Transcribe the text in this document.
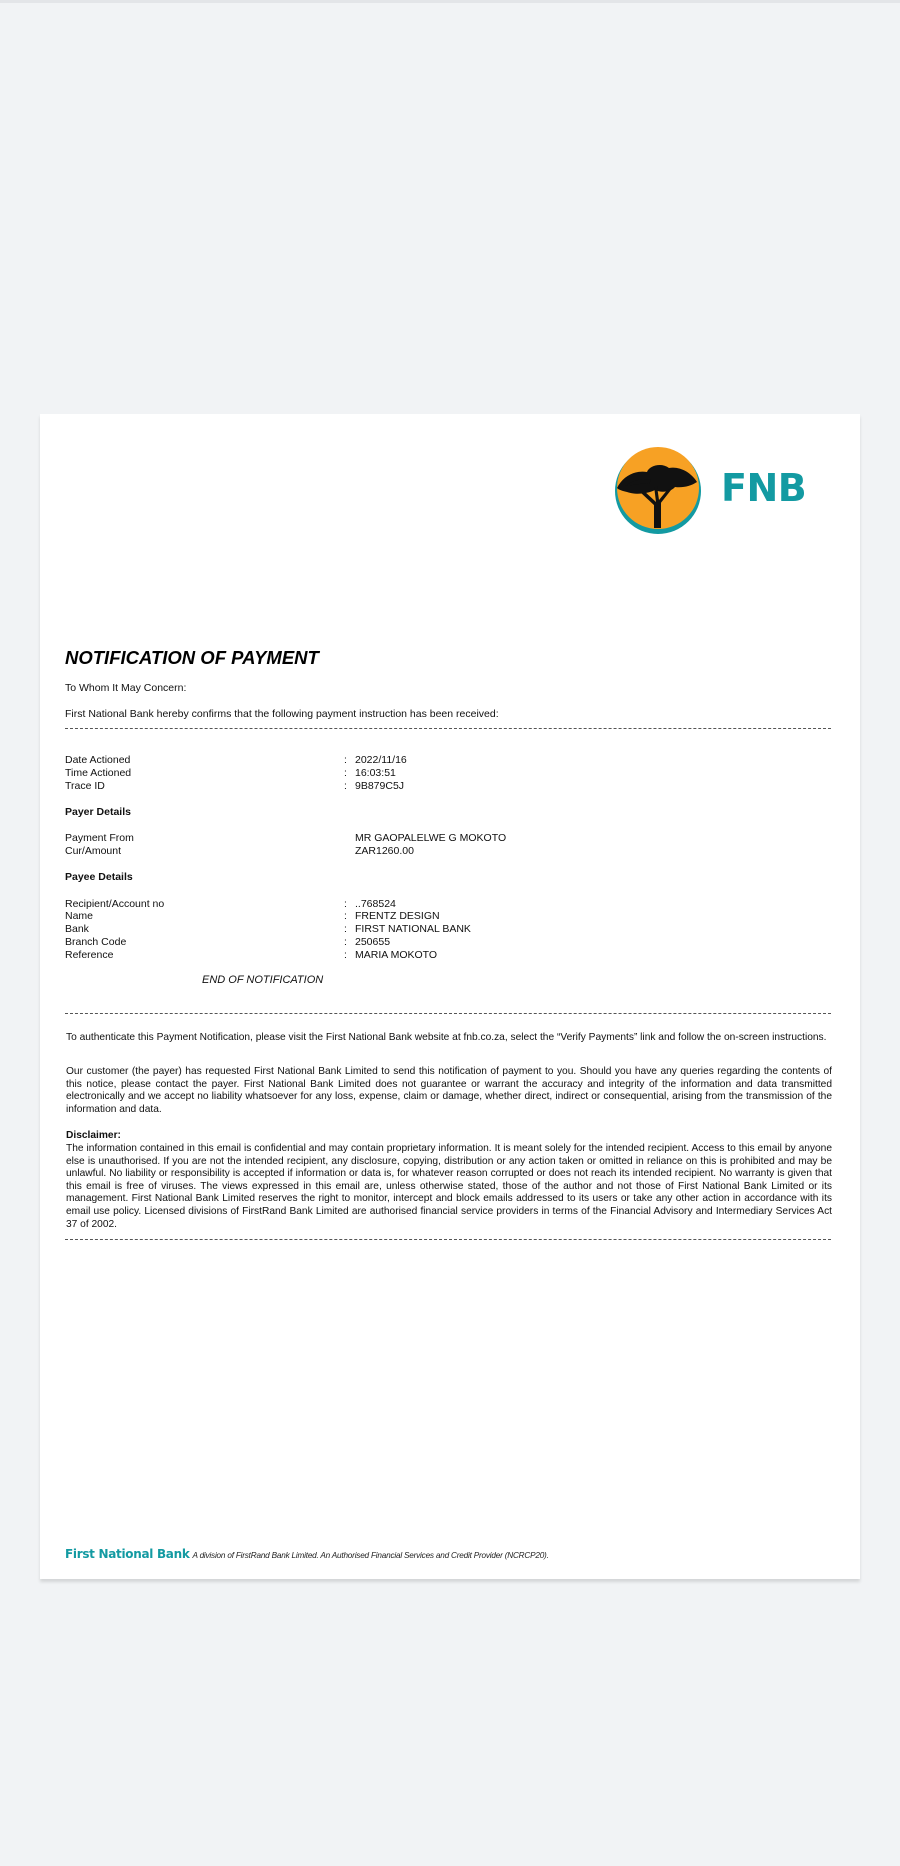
FNB
NOTIFICATION OF PAYMENT
To Whom It May Concern:
First National Bank hereby confirms that the following payment instruction has been received:
Date Actioned	: 2022/11/16
Time Actioned	: 16:03:51
Trace ID	: 9B879C5J
Payer Details
Payment From	MR GAOPALELWE G MOKOTO
Cur/Amount	ZAR1260.00
Payee Details
Recipient/Account no	: ..768524
Name	: FRENTZ DESIGN
Bank	: FIRST NATIONAL BANK
Branch Code	: 250655
Reference	: MARIA MOKOTO
END OF NOTIFICATION
To authenticate this Payment Notification, please visit the First National Bank website at fnb.co.za, select the “Verify Payments” link and follow the on-screen instructions.
Our customer (the payer) has requested First National Bank Limited to send this notification of payment to you. Should you have any queries regarding the contents of this notice, please contact the payer. First National Bank Limited does not guarantee or warrant the accuracy and integrity of the information and data transmitted electronically and we accept no liability whatsoever for any loss, expense, claim or damage, whether direct, indirect or consequential, arising from the transmission of the information and data.
Disclaimer:
The information contained in this email is confidential and may contain proprietary information. It is meant solely for the intended recipient. Access to this email by anyone else is unauthorised. If you are not the intended recipient, any disclosure, copying, distribution or any action taken or omitted in reliance on this is prohibited and may be unlawful. No liability or responsibility is accepted if information or data is, for whatever reason corrupted or does not reach its intended recipient. No warranty is given that this email is free of viruses. The views expressed in this email are, unless otherwise stated, those of the author and not those of First National Bank Limited or its management. First National Bank Limited reserves the right to monitor, intercept and block emails addressed to its users or take any other action in accordance with its email use policy. Licensed divisions of FirstRand Bank Limited are authorised financial service providers in terms of the Financial Advisory and Intermediary Services Act 37 of 2002.
First National Bank A division of FirstRand Bank Limited. An Authorised Financial Services and Credit Provider (NCRCP20).
